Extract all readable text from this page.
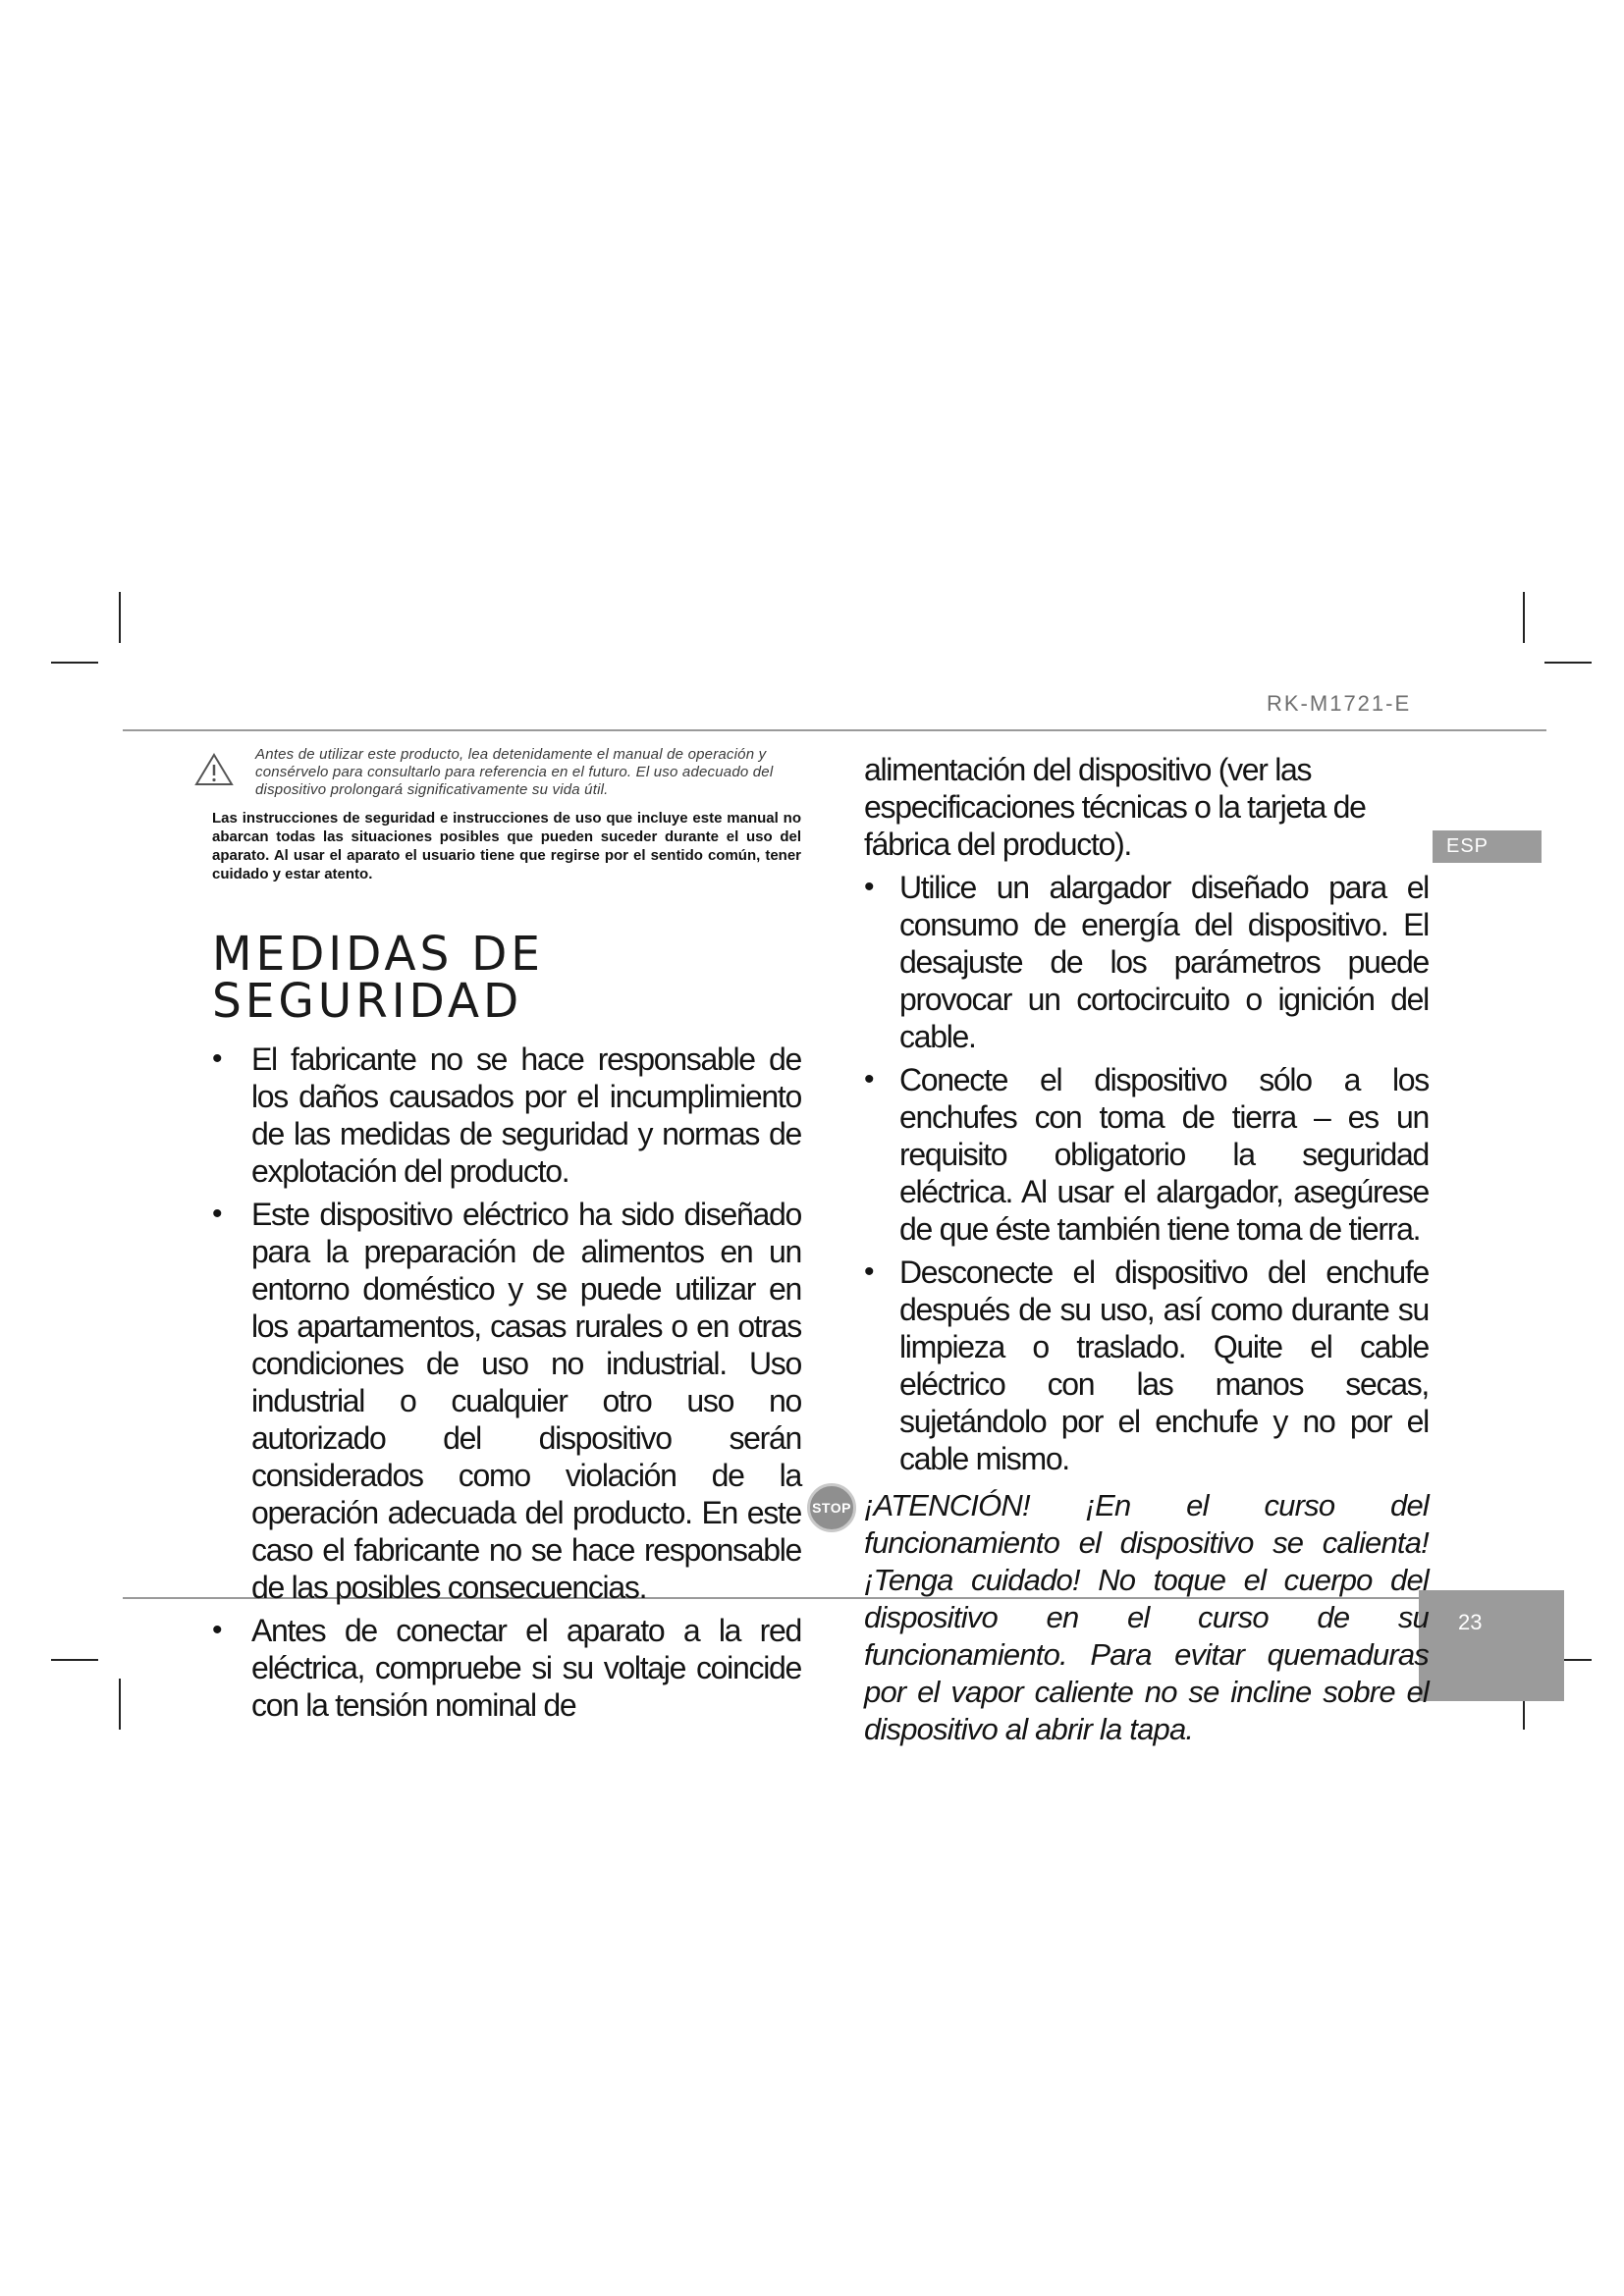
RK-M1721-E
ESP
23
Antes de utilizar este producto, lea detenidamente el manual de operación y consérvelo para consultarlo para referencia en el futuro. El uso adecuado del dispositivo prolongará significativamente su vida útil.
Las instrucciones de seguridad e instrucciones de uso que incluye este manual no abarcan todas las situaciones posibles que pueden suceder durante el uso del aparato. Al usar el aparato el usuario tiene que regirse por el sentido común, tener cuidado y estar atento.
MEDIDAS DE SEGURIDAD
• El fabricante no se hace responsable de los daños causados por el incumplimiento de las medidas de seguridad y normas de explotación del producto.
• Este dispositivo eléctrico ha sido diseñado para la preparación de alimentos en un entorno doméstico y se puede utilizar en los apartamentos, casas rurales o en otras condiciones de uso no industrial. Uso industrial o cualquier otro uso no autorizado del dispositivo serán considerados como violación de la operación adecuada del producto. En este caso el fabricante no se hace responsable de las posibles consecuencias.
• Antes de conectar el aparato a la red eléctrica, compruebe si su voltaje coincide con la tensión nominal de
alimentación del dispositivo (ver las especificaciones técnicas o la tarjeta de fábrica del producto).
• Utilice un alargador diseñado para el consumo de energía del dispositivo. El desajuste de los parámetros puede provocar un cortocircuito o ignición del cable.
• Conecte el dispositivo sólo a los enchufes con toma de tierra – es un requisito obligatorio la seguridad eléctrica. Al usar el alargador, asegúrese de que éste también tiene toma de tierra.
• Desconecte el dispositivo del enchufe después de su uso, así como durante su limpieza o traslado. Quite el cable eléctrico con las manos secas, sujetándolo por el enchufe y no por el cable mismo.
STOP ¡ATENCIÓN! ¡En el curso del funcionamiento el dispositivo se calienta! ¡Tenga cuidado! No toque el cuerpo del dispositivo en el curso de su funcionamiento. Para evitar quemaduras por el vapor caliente no se incline sobre el dispositivo al abrir la tapa.
